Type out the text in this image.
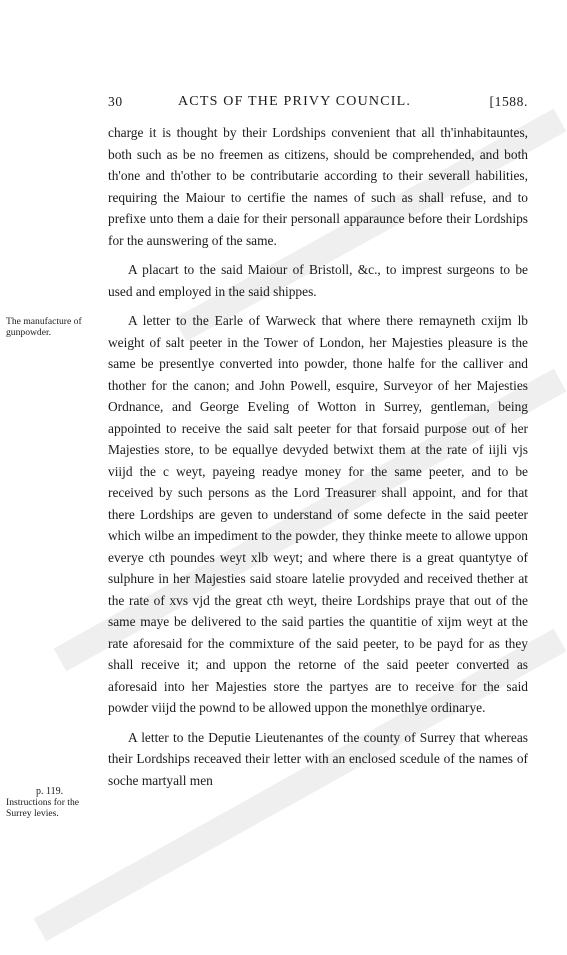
30	ACTS OF THE PRIVY COUNCIL.	[1588.
The manufacture of gunpowder.
p. 119.
Instructions for the Surrey levies.

charge it is thought by their Lordships convenient that all th'inhabitauntes, both such as be no freemen as citizens, should be comprehended, and both th'one and th'other to be contributarie according to their severall habilities, requiring the Maiour to certifie the names of such as shall refuse, and to prefixe unto them a daie for their personall apparaunce before their Lordships for the aunswering of the same.

A placart to the said Maiour of Bristoll, &c., to imprest surgeons to be used and employed in the said shippes.

A letter to the Earle of Warweck that where there remayneth cxijm lb weight of salt peeter in the Tower of London, her Majesties pleasure is the same be presentlye converted into powder, thone halfe for the calliver and thother for the canon; and John Powell, esquire, Surveyor of her Majesties Ordnance, and George Eveling of Wotton in Surrey, gentleman, being appointed to receive the said salt peeter for that forsaid purpose out of her Majesties store, to be equallye devyded betwixt them at the rate of iijli vjs viijd the c weyt, payeing readye money for the same peeter, and to be received by such persons as the Lord Treasurer shall appoint, and for that there Lordships are geven to understand of some defecte in the said peeter which wilbe an impediment to the powder, they thinke meete to allowe uppon everye cth poundes weyt xlb weyt; and where there is a great quantytye of sulphure in her Majesties said stoare latelie provyded and received thether at the rate of xvs vjd the great cth weyt, theire Lordships praye that out of the same maye be delivered to the said parties the quantitie of xijm weyt at the rate aforesaid for the commixture of the said peeter, to be payd for as they shall receive it; and uppon the retorne of the said peeter converted as aforesaid into her Majesties store the partyes are to receive for the said powder viijd the pownd to be allowed uppon the monethlye ordinarye.

A letter to the Deputie Lieutenantes of the county of Surrey that whereas their Lordships receaved their letter with an enclosed scedule of the names of soche martyall men
